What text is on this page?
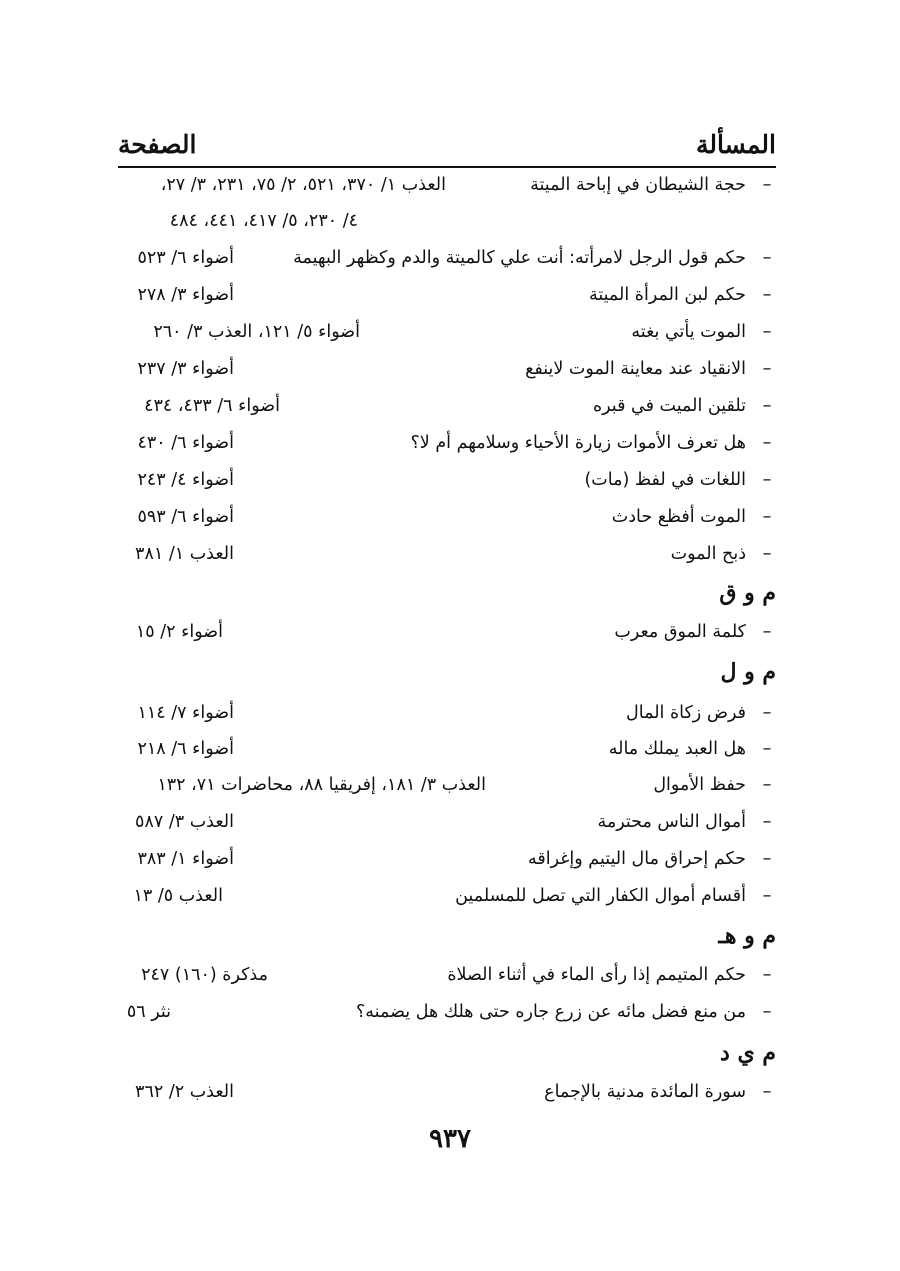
المسألة
الصفحة
–
حجة الشيطان في إباحة الميتة
العذب ١/ ٣٧٠، ٥٢١، ٢/ ٧٥، ٢٣١، ٣/ ٢٧،
٤/ ٢٣٠، ٥/ ٤١٧، ٤٤١، ٤٨٤
–
حكم قول الرجل لامرأته: أنت علي كالميتة والدم وكظهر البهيمة
أضواء ٦/ ٥٢٣
–
حكم لبن المرأة الميتة
أضواء ٣/ ٢٧٨
–
الموت يأتي بغته
أضواء ٥/ ١٢١، العذب ٣/ ٢٦٠
–
الانقياد عند معاينة الموت لاينفع
أضواء ٣/ ٢٣٧
–
تلقين الميت في قبره
أضواء ٦/ ٤٣٣، ٤٣٤
–
هل تعرف الأموات زيارة الأحياء وسلامهم أم لا؟
أضواء ٦/ ٤٣٠
–
اللغات في لفظ (مات)
أضواء ٤/ ٢٤٣
–
الموت أفظع حادث
أضواء ٦/ ٥٩٣
–
ذبح الموت
العذب ١/ ٣٨١
م و ق
–
كلمة الموق معرب
أضواء ٢/ ١٥
م و ل
–
فرض زكاة المال
أضواء ٧/ ١١٤
–
هل العبد يملك ماله
أضواء ٦/ ٢١٨
–
حفظ الأموال
العذب ٣/ ١٨١، إفريقيا ٨٨، محاضرات ٧١، ١٣٢
–
أموال الناس محترمة
العذب ٣/ ٥٨٧
–
حكم إحراق مال اليتيم وإغراقه
أضواء ١/ ٣٨٣
–
أقسام أموال الكفار التي تصل للمسلمين
العذب ٥/ ١٣
م و هـ
–
حكم المتيمم إذا رأى الماء في أثناء الصلاة
مذكرة (١٦٠) ٢٤٧
–
من منع فضل مائه عن زرع جاره حتى هلك هل يضمنه؟
نثر ٥٦
م ي د
–
سورة المائدة مدنية بالإجماع
العذب ٢/ ٣٦٢
٩٣٧
